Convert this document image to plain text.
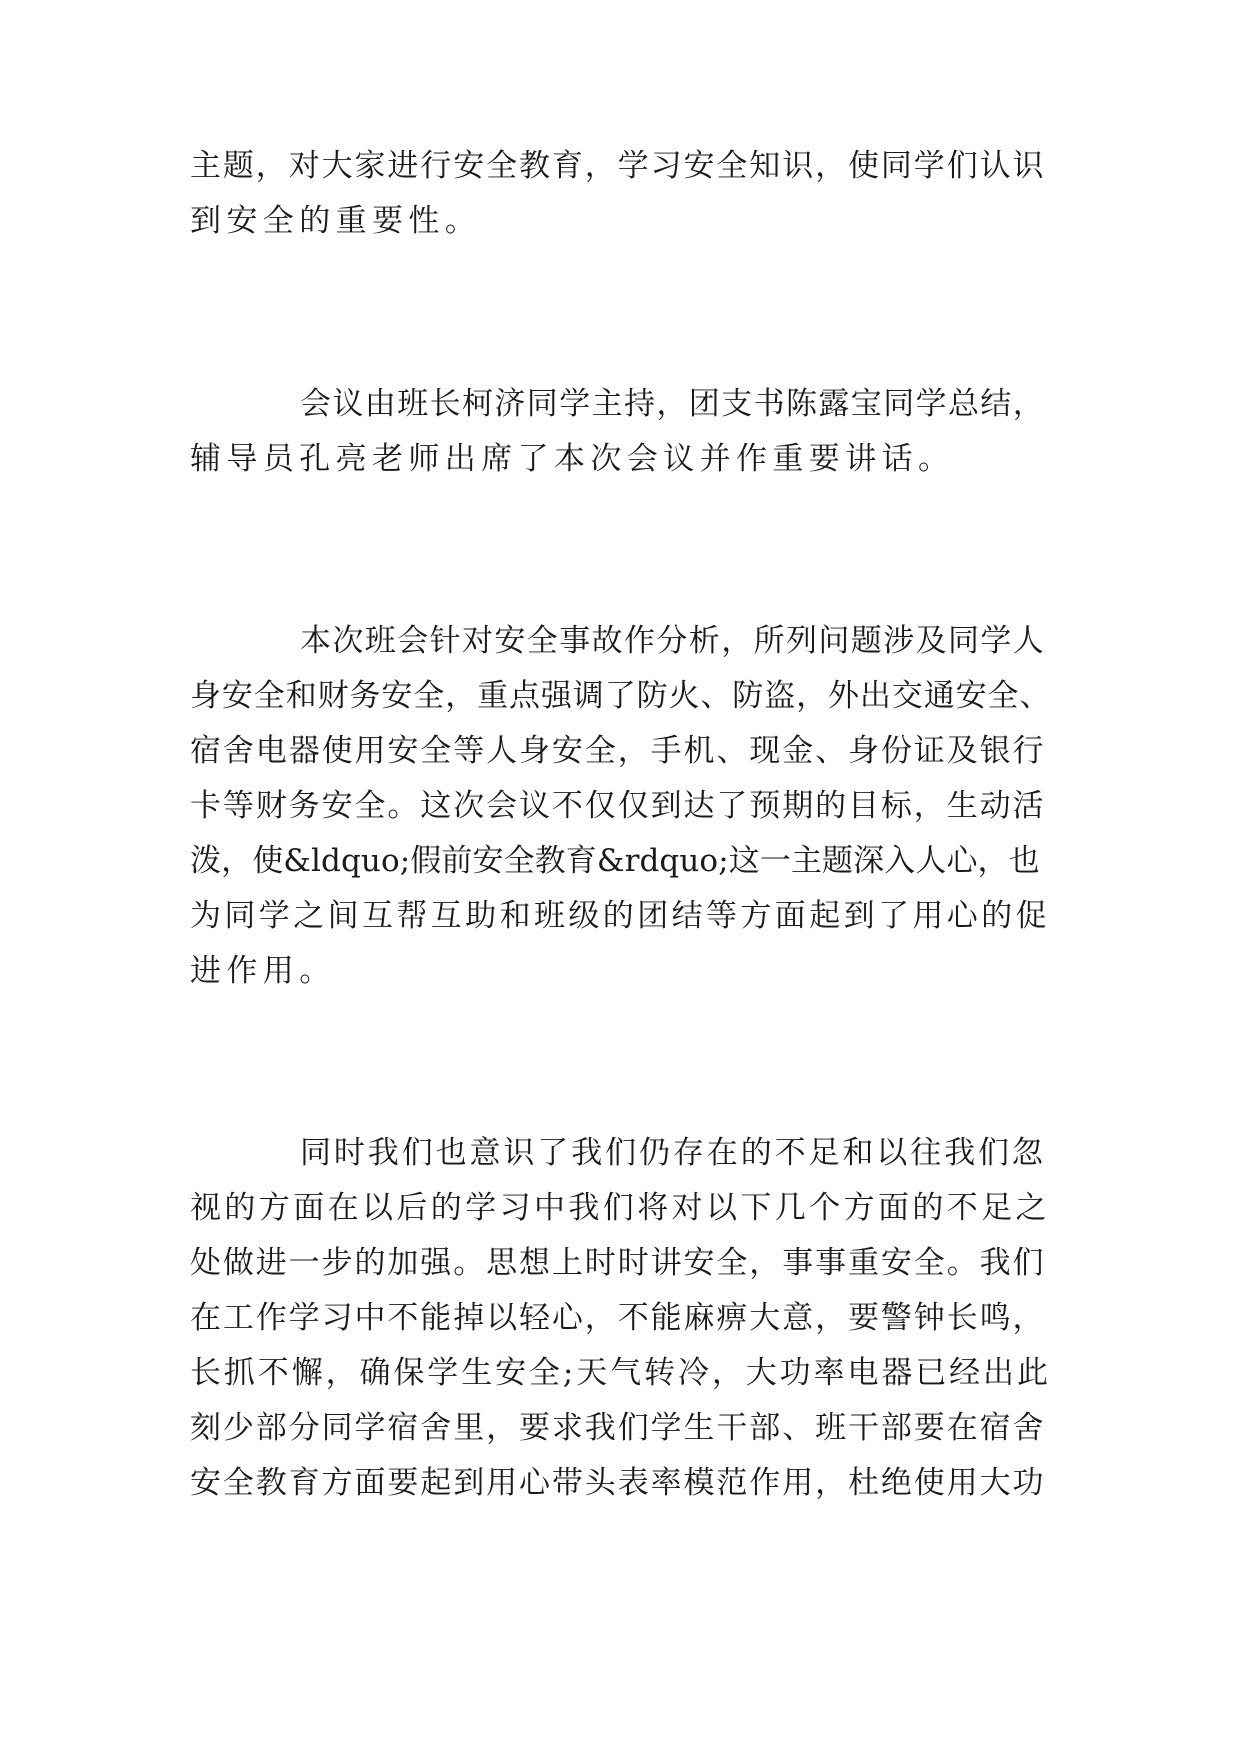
主题，对大家进行安全教育，学习安全知识，使同学们认识
到安全的重要性。
会议由班长柯济同学主持，团支书陈露宝同学总结，
辅导员孔亮老师出席了本次会议并作重要讲话。
本次班会针对安全事故作分析，所列问题涉及同学人
身安全和财务安全，重点强调了防火、防盗，外出交通安全、
宿舍电器使用安全等人身安全，手机、现金、身份证及银行
卡等财务安全。这次会议不仅仅到达了预期的目标，生动活
泼，使&ldquo;假前安全教育&rdquo;这一主题深入人心，也
为同学之间互帮互助和班级的团结等方面起到了用心的促
进作用。
同时我们也意识了我们仍存在的不足和以往我们忽
视的方面在以后的学习中我们将对以下几个方面的不足之
处做进一步的加强。思想上时时讲安全，事事重安全。我们
在工作学习中不能掉以轻心，不能麻痹大意，要警钟长鸣，
长抓不懈，确保学生安全;天气转冷，大功率电器已经出此
刻少部分同学宿舍里，要求我们学生干部、班干部要在宿舍
安全教育方面要起到用心带头表率模范作用，杜绝使用大功
